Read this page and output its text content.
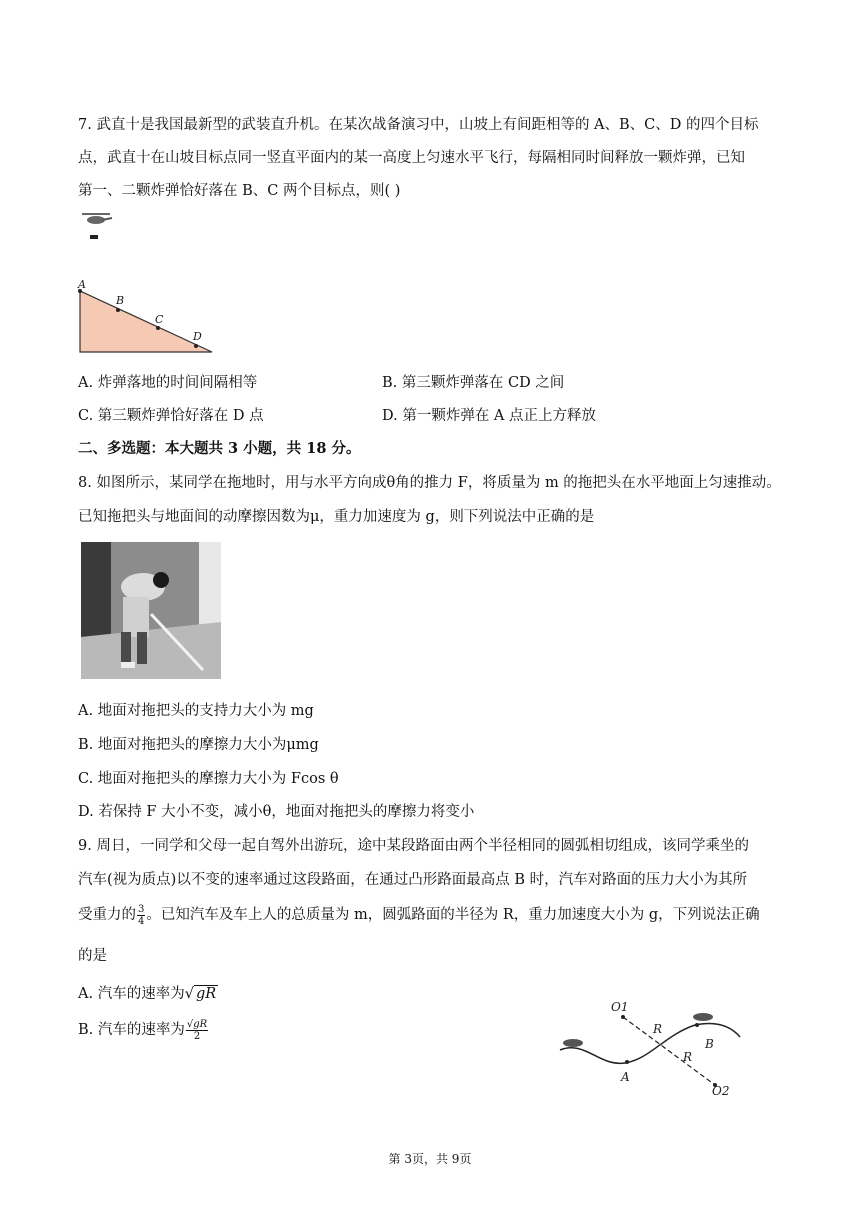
7. 武直十是我国最新型的武装直升机。在某次战备演习中，山坡上有间距相等的 A、B、C、D 的四个目标
点，武直十在山坡目标点同一竖直平面内的某一高度上匀速水平飞行，每隔相同时间释放一颗炸弹，已知
第一、二颗炸弹恰好落在 B、C 两个目标点，则( )
A
B
C
D
A. 炸弹落地的时间间隔相等	B. 第三颗炸弹落在 CD 之间
C. 第三颗炸弹恰好落在 D 点	D. 第一颗炸弹在 A 点正上方释放
二、多选题：本大题共 3 小题，共 18 分。
8. 如图所示，某同学在拖地时，用与水平方向成θ角的推力 F，将质量为 m 的拖把头在水平地面上匀速推动。
已知拖把头与地面间的动摩擦因数为μ，重力加速度为 g，则下列说法中正确的是
A. 地面对拖把头的支持力大小为 mg
B. 地面对拖把头的摩擦力大小为μmg
C. 地面对拖把头的摩擦力大小为 Fcos θ
D. 若保持 F 大小不变，减小θ，地面对拖把头的摩擦力将变小
9. 周日，一同学和父母一起自驾外出游玩，途中某段路面由两个半径相同的圆弧相切组成，该同学乘坐的
汽车(视为质点)以不变的速率通过这段路面，在通过凸形路面最高点 B 时，汽车对路面的压力大小为其所
受重力的 $\frac{3}{4}$ 。已知汽车及车上人的总质量为 m，圆弧路面的半径为 R，重力加速度大小为 g，下列说法正确
的是
A. 汽车的速率为√ gR
B. 汽车的速率为 $\frac{√gR}{2}$
O1
R
B
A
R
O2
第 3页，共 9页
